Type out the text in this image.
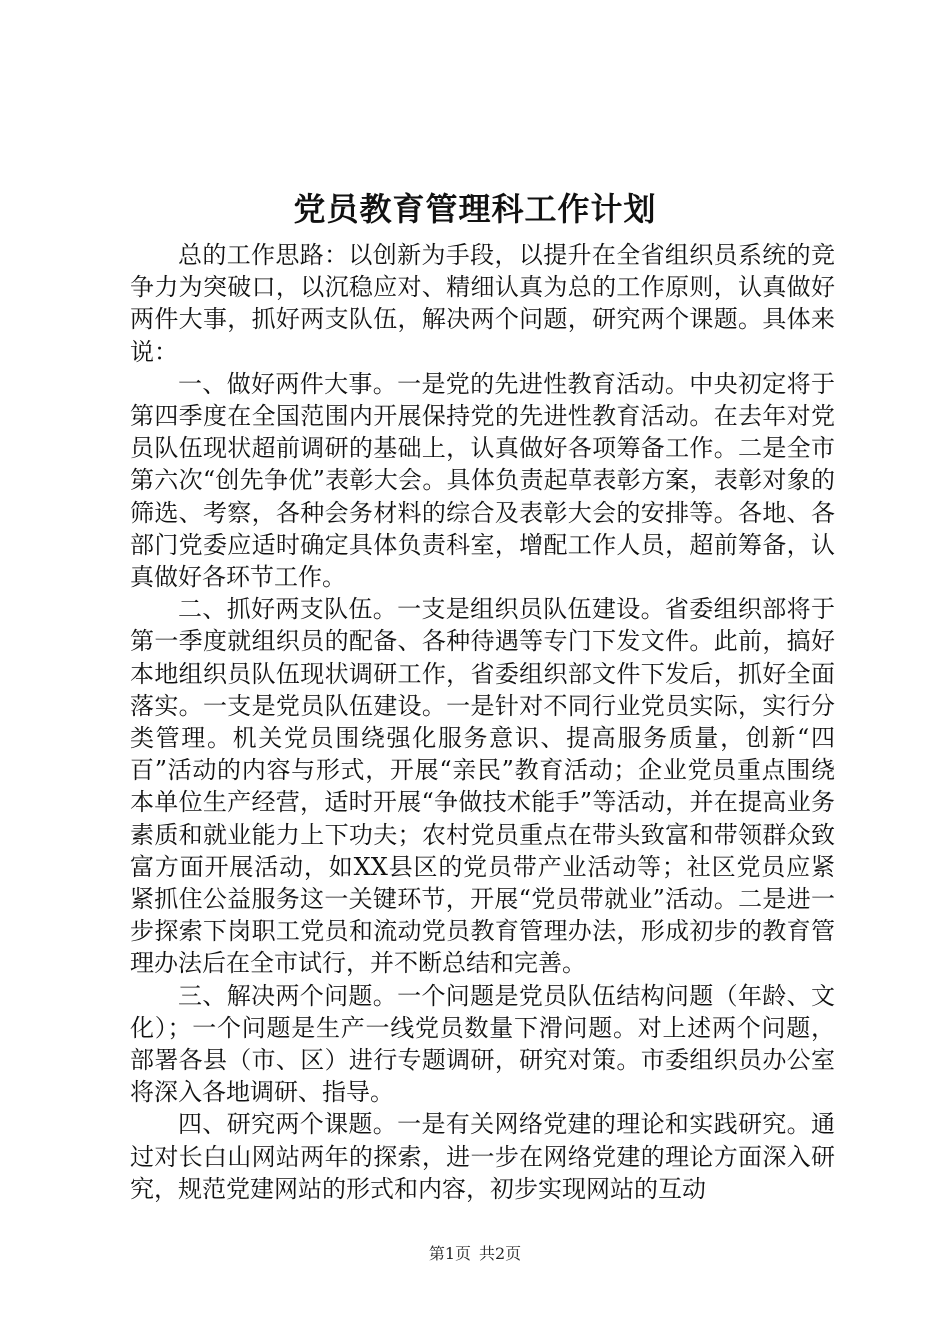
党员教育管理科工作计划

总的工作思路：以创新为手段，以提升在全省组织员系统的竞争力为突破口，以沉稳应对、精细认真为总的工作原则，认真做好两件大事，抓好两支队伍，解决两个问题，研究两个课题。具体来说：

一、做好两件大事。一是党的先进性教育活动。中央初定将于第四季度在全国范围内开展保持党的先进性教育活动。在去年对党员队伍现状超前调研的基础上，认真做好各项筹备工作。二是全市第六次“创先争优”表彰大会。具体负责起草表彰方案，表彰对象的筛选、考察，各种会务材料的综合及表彰大会的安排等。各地、各部门党委应适时确定具体负责科室，增配工作人员，超前筹备，认真做好各环节工作。

二、抓好两支队伍。一支是组织员队伍建设。省委组织部将于第一季度就组织员的配备、各种待遇等专门下发文件。此前，搞好本地组织员队伍现状调研工作，省委组织部文件下发后，抓好全面落实。一支是党员队伍建设。一是针对不同行业党员实际，实行分类管理。机关党员围绕强化服务意识、提高服务质量，创新“四百”活动的内容与形式，开展“亲民”教育活动；企业党员重点围绕本单位生产经营，适时开展“争做技术能手”等活动，并在提高业务素质和就业能力上下功夫；农村党员重点在带头致富和带领群众致富方面开展活动，如XX县区的党员带产业活动等；社区党员应紧紧抓住公益服务这一关键环节，开展“党员带就业”活动。二是进一步探索下岗职工党员和流动党员教育管理办法，形成初步的教育管理办法后在全市试行，并不断总结和完善。

三、解决两个问题。一个问题是党员队伍结构问题（年龄、文化）；一个问题是生产一线党员数量下滑问题。对上述两个问题，部署各县（市、区）进行专题调研，研究对策。市委组织员办公室将深入各地调研、指导。

四、研究两个课题。一是有关网络党建的理论和实践研究。通过对长白山网站两年的探索，进一步在网络党建的理论方面深入研究，规范党建网站的形式和内容，初步实现网站的互动

第1页 共2页
